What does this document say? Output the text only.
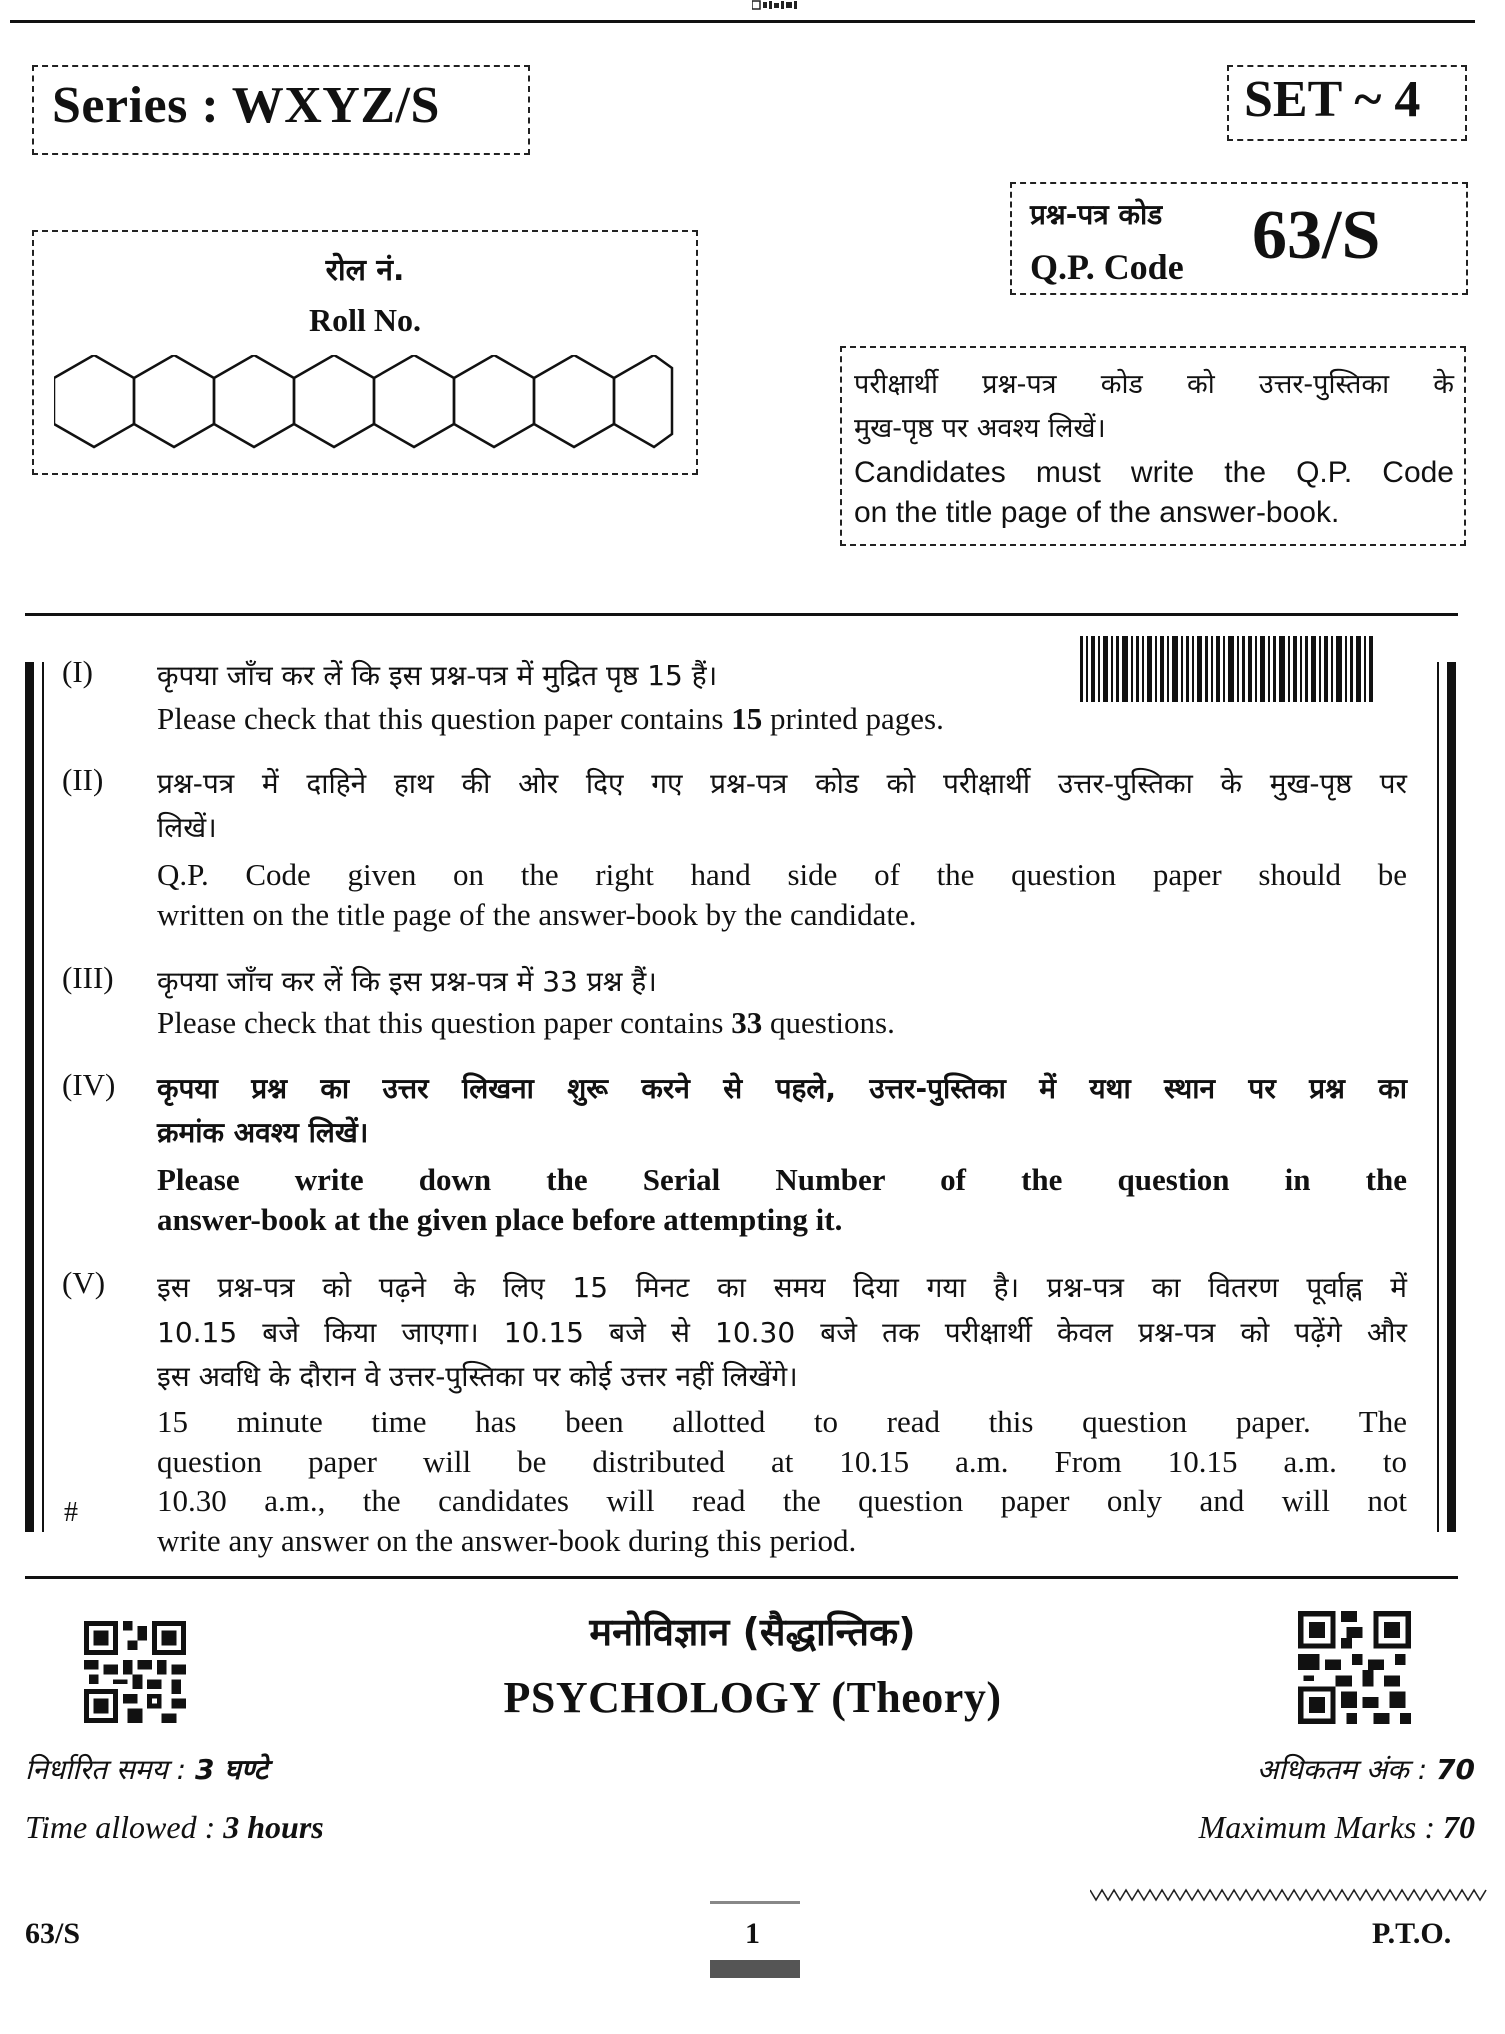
Series : WXYZ/S	SET ~ 4
रोल नं.
Roll No.
प्रश्न-पत्र कोड
Q.P. Code 63/S
परीक्षार्थी प्रश्न-पत्र कोड को उत्तर-पुस्तिका के
मुख-पृष्ठ पर अवश्य लिखें।
Candidates must write the Q.P. Code
on the title page of the answer-book.
(I) कृपया जाँच कर लें कि इस प्रश्न-पत्र में मुद्रित पृष्ठ 15 हैं।
Please check that this question paper contains 15 printed pages.
(II) प्रश्न-पत्र में दाहिने हाथ की ओर दिए गए प्रश्न-पत्र कोड को परीक्षार्थी उत्तर-पुस्तिका के मुख-पृष्ठ पर
लिखें।
Q.P. Code given on the right hand side of the question paper should be
written on the title page of the answer-book by the candidate.
(III) कृपया जाँच कर लें कि इस प्रश्न-पत्र में 33 प्रश्न हैं।
Please check that this question paper contains 33 questions.
(IV) कृपया प्रश्न का उत्तर लिखना शुरू करने से पहले, उत्तर-पुस्तिका में यथा स्थान पर प्रश्न का
क्रमांक अवश्य लिखें।
Please write down the Serial Number of the question in the
answer-book at the given place before attempting it.
(V) इस प्रश्न-पत्र को पढ़ने के लिए 15 मिनट का समय दिया गया है। प्रश्न-पत्र का वितरण पूर्वाह्न में
10.15 बजे किया जाएगा। 10.15 बजे से 10.30 बजे तक परीक्षार्थी केवल प्रश्न-पत्र को पढ़ेंगे और
इस अवधि के दौरान वे उत्तर-पुस्तिका पर कोई उत्तर नहीं लिखेंगे।
15 minute time has been allotted to read this question paper. The
question paper will be distributed at 10.15 a.m. From 10.15 a.m. to
10.30 a.m., the candidates will read the question paper only and will not
write any answer on the answer-book during this period.
#
मनोविज्ञान (सैद्धान्तिक)
PSYCHOLOGY (Theory)
निर्धारित समय : 3 घण्टे
Time allowed : 3 hours
अधिकतम अंक : 70
Maximum Marks : 70
63/S	1	P.T.O.
